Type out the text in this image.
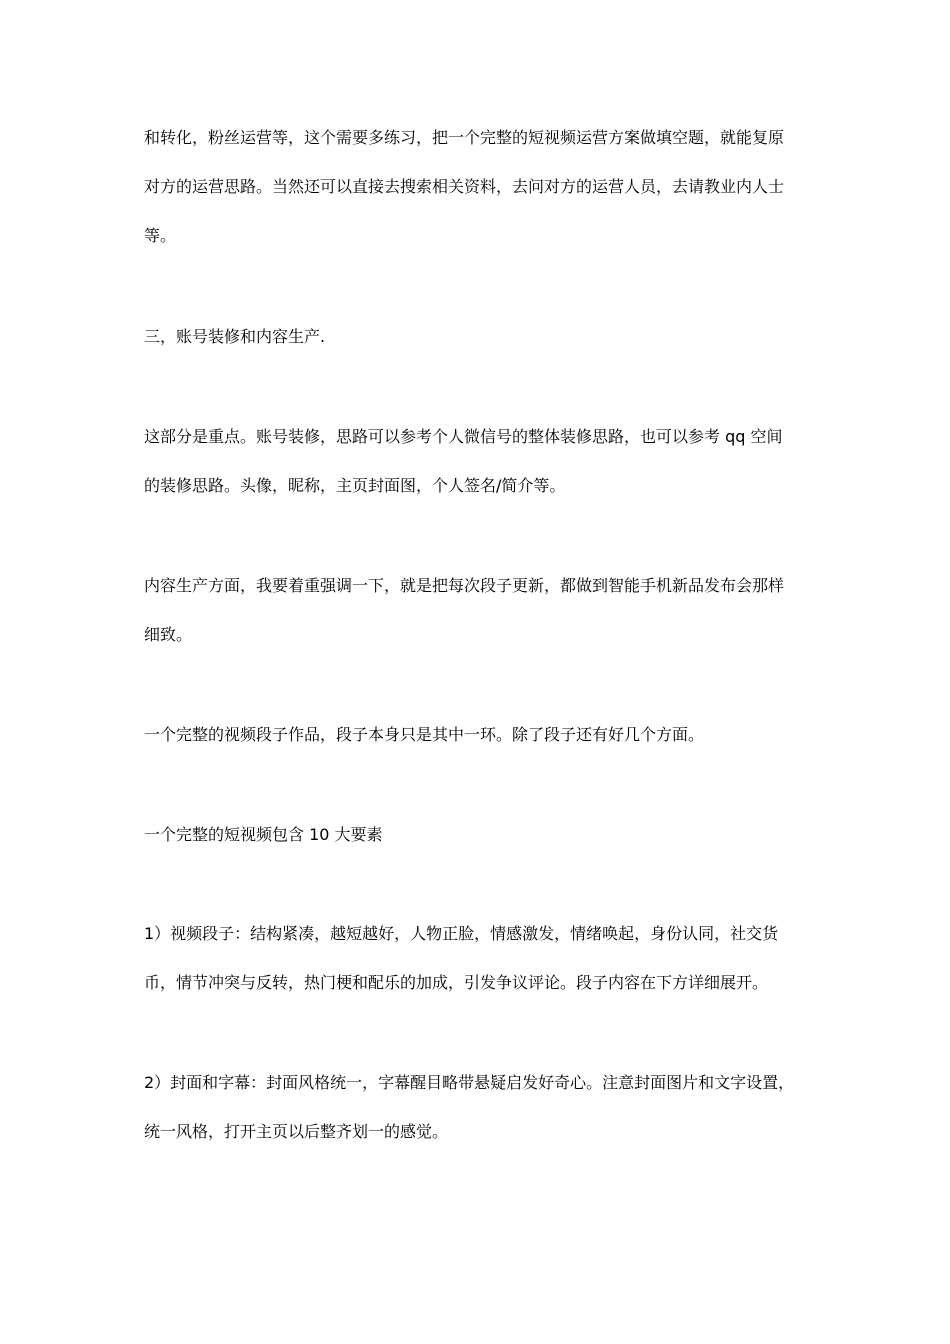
和转化，粉丝运营等，这个需要多练习，把一个完整的短视频运营方案做填空题，就能复原
对方的运营思路。当然还可以直接去搜索相关资料，去问对方的运营人员，去请教业内人士
等。
三，账号装修和内容生产.
这部分是重点。账号装修，思路可以参考个人微信号的整体装修思路，也可以参考 qq 空间
的装修思路。头像，昵称，主页封面图，个人签名/简介等。
内容生产方面，我要着重强调一下，就是把每次段子更新，都做到智能手机新品发布会那样
细致。
一个完整的视频段子作品，段子本身只是其中一环。除了段子还有好几个方面。
一个完整的短视频包含 10 大要素
1）视频段子：结构紧凑，越短越好，人物正脸，情感激发，情绪唤起，身份认同，社交货
币，情节冲突与反转，热门梗和配乐的加成，引发争议评论。段子内容在下方详细展开。
2）封面和字幕：封面风格统一，字幕醒目略带悬疑启发好奇心。注意封面图片和文字设置，
统一风格，打开主页以后整齐划一的感觉。
